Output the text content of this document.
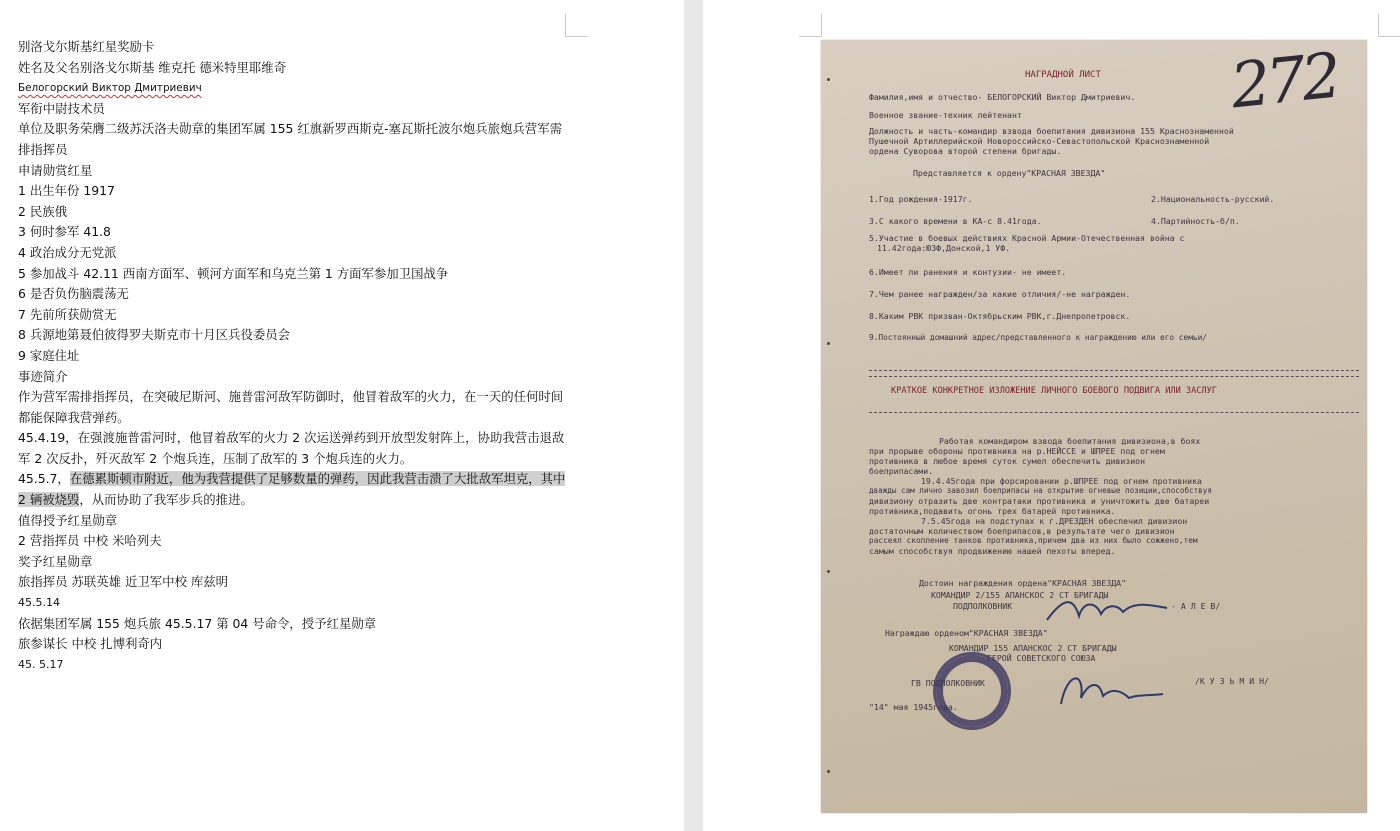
别洛戈尔斯基红星奖励卡

姓名及父名别洛戈尔斯基 维克托 德米特里耶维奇

Белогорский Виктор Дмитриевич

军衔中尉技术员

单位及职务荣膺二级苏沃洛夫勋章的集团军属 155 红旗新罗西斯克-塞瓦斯托波尔炮兵旅炮兵营军需排指挥员

申请勋赏红星

1 出生年份 1917

2 民族俄

3 何时参军 41.8

4 政治成分无党派

5 参加战斗 42.11 西南方面军、顿河方面军和乌克兰第 1 方面军参加卫国战争

6 是否负伤脑震荡无

7 先前所获勋赏无

8 兵源地第聂伯彼得罗夫斯克市十月区兵役委员会

9 家庭住址

事迹简介

作为营军需排指挥员，在突破尼斯河、施普雷河敌军防御时，他冒着敌军的火力，在一天的任何时间都能保障我营弹药。

45.4.19，在强渡施普雷河时，他冒着敌军的火力 2 次运送弹药到开放型发射阵上，协助我营击退敌军 2 次反扑，歼灭敌军 2 个炮兵连，压制了敌军的 3 个炮兵连的火力。

45.5.7，在德累斯顿市附近，他为我营提供了足够数量的弹药，因此我营击溃了大批敌军坦克，其中 2 辆被烧毁，从而协助了我军步兵的推进。

值得授予红星勋章

2 营指挥员 中校 米哈列夫

奖予红星勋章

旅指挥员 苏联英雄 近卫军中校 库兹明

45.5.14

依据集团军属 155 炮兵旅 45.5.17 第 04 号命令，授予红星勋章

旅参谋长 中校 扎博利奇内

45. 5.17

НАГРАДНОЙ ЛИСТ 272
Фамилия,имя и отчество- БЕЛОГОРСКИЙ Виктор Дмитриевич.
Военное звание-техник лейтенант
Должность и часть-командир взвода боепитания дивизиона 155 Краснознаменной
Пушечной Артиллерийской Новороссийско-Севастопольской Краснознаменной
ордена Суворова второй степени бригады.
Представляется к ордену"КРАСНАЯ ЗВЕЗДА"
1.Год рождения-1917г.	2.Национальность-русский.
3.С какого времени в КА-с 8.41года.	4.Партийность-б/п.
5.Участие в боевых действиях Красной Армии-Отечественная война с
11.42года:ЮЗФ,Донской,1 УФ.
6.Имеет ли ранения и контузии- не имеет.
7.Чем ранее награжден/за какие отличия/-не награжден.
8.Каким РВК призван-Октябрьским РВК,г.Днепропетровск.
9.Постоянный домашний адрес/представленного к награждению или его семьи/
КРАТКОЕ КОНКРЕТНОЕ ИЗЛОЖЕНИЕ ЛИЧНОГО БОЕВОГО ПОДВИГА ИЛИ ЗАСЛУГ
Работая командиром взвода боепитания дивизиона,в боях
при прорыве обороны противника на р.НЕЙССЕ и ШПРЕЕ под огнем
противника в любое время суток сумел обеспечить дивизион
боеприпасами.
19.4.45года при форсировании р.ШПРЕЕ под огнем противника
дважды сам лично завозил боеприпасы на открытие огневые позиции,способствуя
дивизиону отразить две контратаки противника и уничтожить две батареи
противника,подавить огонь трех батарей противника.
7.5.45года на подступах к г.ДРЕЗДЕН обеспечил дивизион
достаточным количеством боеприпасов,в результате чего дивизион
рассеял скопление танков противника,причем два из них было сожжено,тем
самым способствуя продвижению нашей пехоты вперед.
Достоин награждения ордена"КРАСНАЯ ЗВЕЗДА"
КОМАНДИР 2/155 АПАНСКОС 2 СТ БРИГАДЫ
ПОДПОЛКОВНИК	- А Л Е В/
Награждаю орденом"КРАСНАЯ ЗВЕЗДА"
КОМАНДИР 155 АПАНСКОС 2 СТ БРИГАДЫ
ГЕРОЙ СОВЕТСКОГО СОЮЗА
ГВ ПОДПОЛКОВНИК	/К У З Ь М И Н/
"14" мая 1945года.
